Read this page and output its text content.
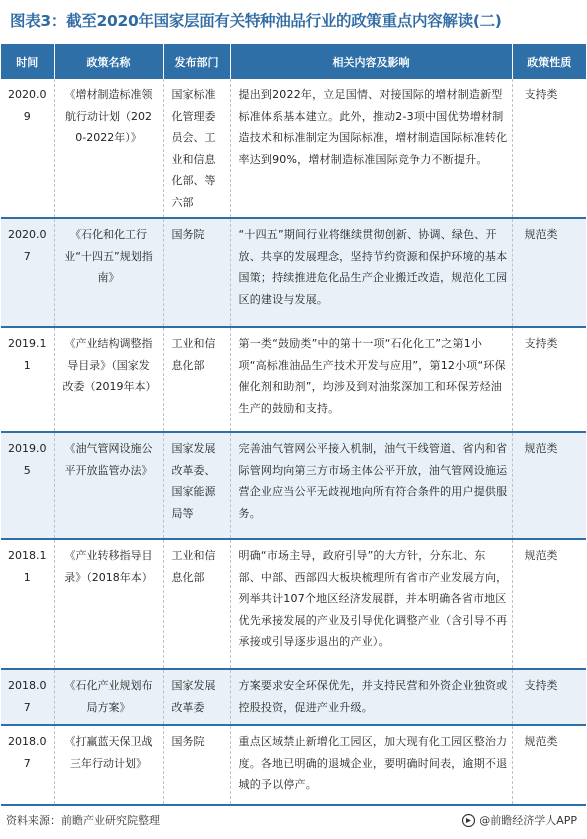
图表3：截至2020年国家层面有关特种油品行业的政策重点内容解读(二)
时间	政策名称	发布部门	相关内容及影响	政策性质
2020.09	《增材制造标准领航行动计划（2020-2022年）》	国家标准化管理委员会、工业和信息化部、等六部	提出到2022年，立足国情、对接国际的增材制造新型标准体系基本建立。此外，推动2-3项中国优势增材制造技术和标准制定为国际标准，增材制造国际标准转化率达到90%，增材制造标准国际竞争力不断提升。	支持类
2020.07	《石化和化工行业“十四五”规划指南》	国务院	“十四五”期间行业将继续贯彻创新、协调、绿色、开放、共享的发展理念，坚持节约资源和保护环境的基本国策；持续推进危化品生产企业搬迁改造，规范化工园区的建设与发展。	规范类
2019.11	《产业结构调整指导目录》（国家发改委（2019年本）	工业和信息化部	第一类“鼓励类”中的第十一项“石化化工”之第1小项“高标准油品生产技术开发与应用”，第12小项“环保催化剂和助剂”，均涉及到对油浆深加工和环保芳烃油生产的鼓励和支持。	支持类
2019.05	《油气管网设施公平开放监管办法》	国家发展改革委、国家能源局等	完善油气管网公平接入机制，油气干线管道、省内和省际管网均向第三方市场主体公平开放，油气管网设施运营企业应当公平无歧视地向所有符合条件的用户提供服务。	规范类
2018.11	《产业转移指导目录》（2018年本）	工业和信息化部	明确“市场主导，政府引导”的大方针，分东北、东部、中部、西部四大板块梳理所有省市产业发展方向，列举共计107个地区经济发展群，并本明确各省市地区优先承接发展的产业及引导优化调整产业（含引导不再承接或引导逐步退出的产业）。	规范类
2018.07	《石化产业规划布局方案》	国家发展改革委	方案要求安全环保优先，并支持民营和外资企业独资或控股投资，促进产业升级。	支持类
2018.07	《打赢蓝天保卫战三年行动计划》	国务院	重点区域禁止新增化工园区，加大现有化工园区整治力度。各地已明确的退城企业，要明确时间表，逾期不退城的予以停产。	规范类
资料来源：前瞻产业研究院整理	@前瞻经济学人APP
